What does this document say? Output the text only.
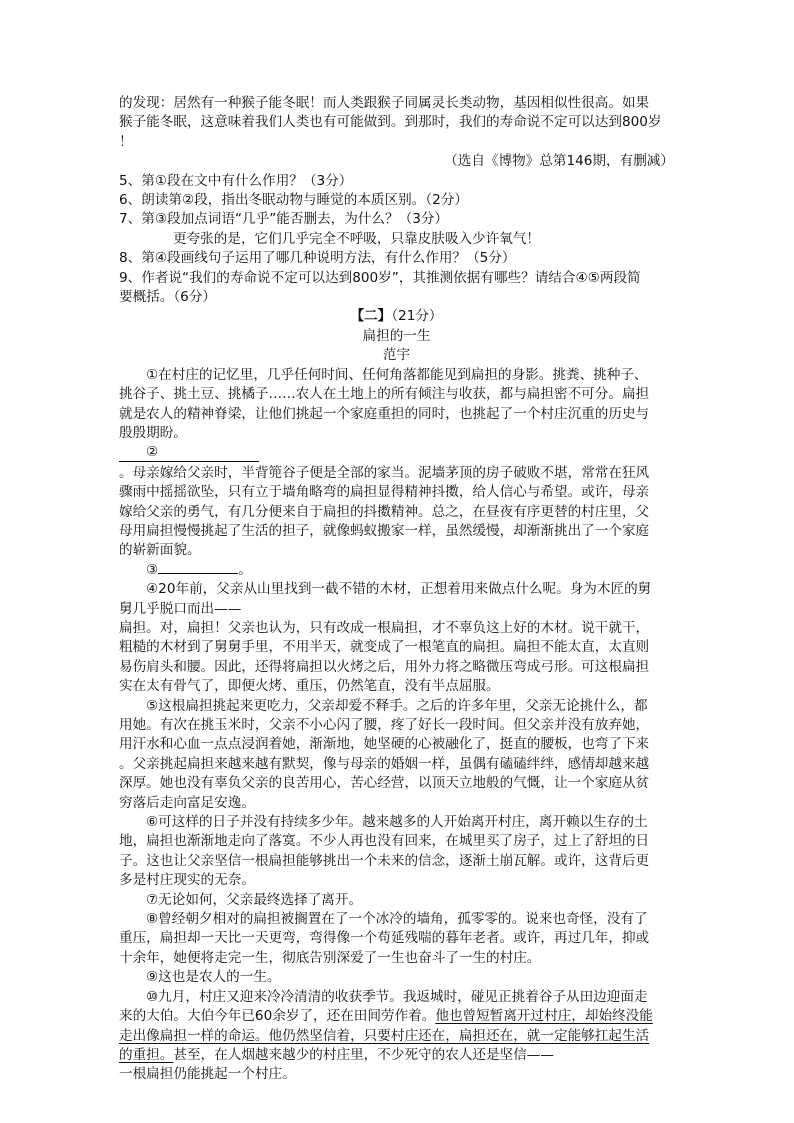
的发现：居然有一种猴子能冬眠！而人类跟猴子同属灵长类动物，基因相似性很高。如果
猴子能冬眠，这意味着我们人类也有可能做到。到那时，我们的寿命说不定可以达到800岁
！
（选自《博物》总第146期，有删减）
5、第①段在文中有什么作用？（3分）
6、朗读第②段，指出冬眠动物与睡觉的本质区别。（2分）
7、第③段加点词语“几乎”能否删去，为什么？（3分）
更夸张的是，它们几乎完全不呼吸，只靠皮肤吸入少许氧气！
8、第④段画线句子运用了哪几种说明方法，有什么作用？（5分）
9、作者说“我们的寿命说不定可以达到800岁”，其推测依据有哪些？请结合④⑤两段简
要概括。（6分）
【二】（21分）
扁担的一生
范宇
①在村庄的记忆里，几乎任何时间、任何角落都能见到扁担的身影。挑粪、挑种子、
挑谷子、挑土豆、挑橘子……农人在土地上的所有倾注与收获，都与扁担密不可分。扁担
就是农人的精神脊梁，让他们挑起一个家庭重担的同时，也挑起了一个村庄沉重的历史与
殷殷期盼。
②
。母亲嫁给父亲时，半背篼谷子便是全部的家当。泥墙茅顶的房子破败不堪，常常在狂风
骤雨中摇摇欲坠，只有立于墙角略弯的扁担显得精神抖擞，给人信心与希望。或许，母亲
嫁给父亲的勇气，有几分便来自于扁担的抖擞精神。总之，在昼夜有序更替的村庄里，父
母用扁担慢慢挑起了生活的担子，就像蚂蚁搬家一样，虽然缓慢，却渐渐挑出了一个家庭
的崭新面貌。
③	。
④20年前，父亲从山里找到一截不错的木材，正想着用来做点什么呢。身为木匠的舅
舅几乎脱口而出——
扁担。对，扁担！父亲也认为，只有改成一根扁担，才不辜负这上好的木材。说干就干，
粗糙的木材到了舅舅手里，不用半天，就变成了一根笔直的扁担。扁担不能太直，太直则
易伤肩头和腰。因此，还得将扁担以火烤之后，用外力将之略微压弯成弓形。可这根扁担
实在太有骨气了，即便火烤、重压，仍然笔直，没有半点屈服。
⑤这根扁担挑起来更吃力，父亲却爱不释手。之后的许多年里，父亲无论挑什么，都
用她。有次在挑玉米时，父亲不小心闪了腰，疼了好长一段时间。但父亲并没有放弃她，
用汗水和心血一点点浸润着她，渐渐地，她坚硬的心被融化了，挺直的腰板，也弯了下来
。父亲挑起扁担来越来越有默契，像与母亲的婚姻一样，虽偶有磕磕绊绊，感情却越来越
深厚。她也没有辜负父亲的良苦用心，苦心经营，以顶天立地般的气慨，让一个家庭从贫
穷落后走向富足安逸。
⑥可这样的日子并没有持续多少年。越来越多的人开始离开村庄，离开赖以生存的土
地，扁担也渐渐地走向了落寞。不少人再也没有回来，在城里买了房子，过上了舒坦的日
子。这也让父亲坚信一根扁担能够挑出一个未来的信念，逐渐土崩瓦解。或许，这背后更
多是村庄现实的无奈。
⑦无论如何，父亲最终选择了离开。
⑧曾经朝夕相对的扁担被搁置在了一个冰冷的墙角，孤零零的。说来也奇怪，没有了
重压，扁担却一天比一天更弯，弯得像一个苟延残喘的暮年老者。或许，再过几年，抑或
十余年，她便将走完一生，彻底告别深爱了一生也奋斗了一生的村庄。
⑨这也是农人的一生。
⑩九月，村庄又迎来冷冷清清的收获季节。我返城时，碰见正挑着谷子从田边迎面走
来的大伯。大伯今年已60余岁了，还在田间劳作着。他也曾短暂离开过村庄，却始终没能
走出像扁担一样的命运。他仍然坚信着，只要村庄还在，扁担还在，就一定能够扛起生活
的重担。甚至，在人烟越来越少的村庄里，不少死守的农人还是坚信——
一根扁担仍能挑起一个村庄。
